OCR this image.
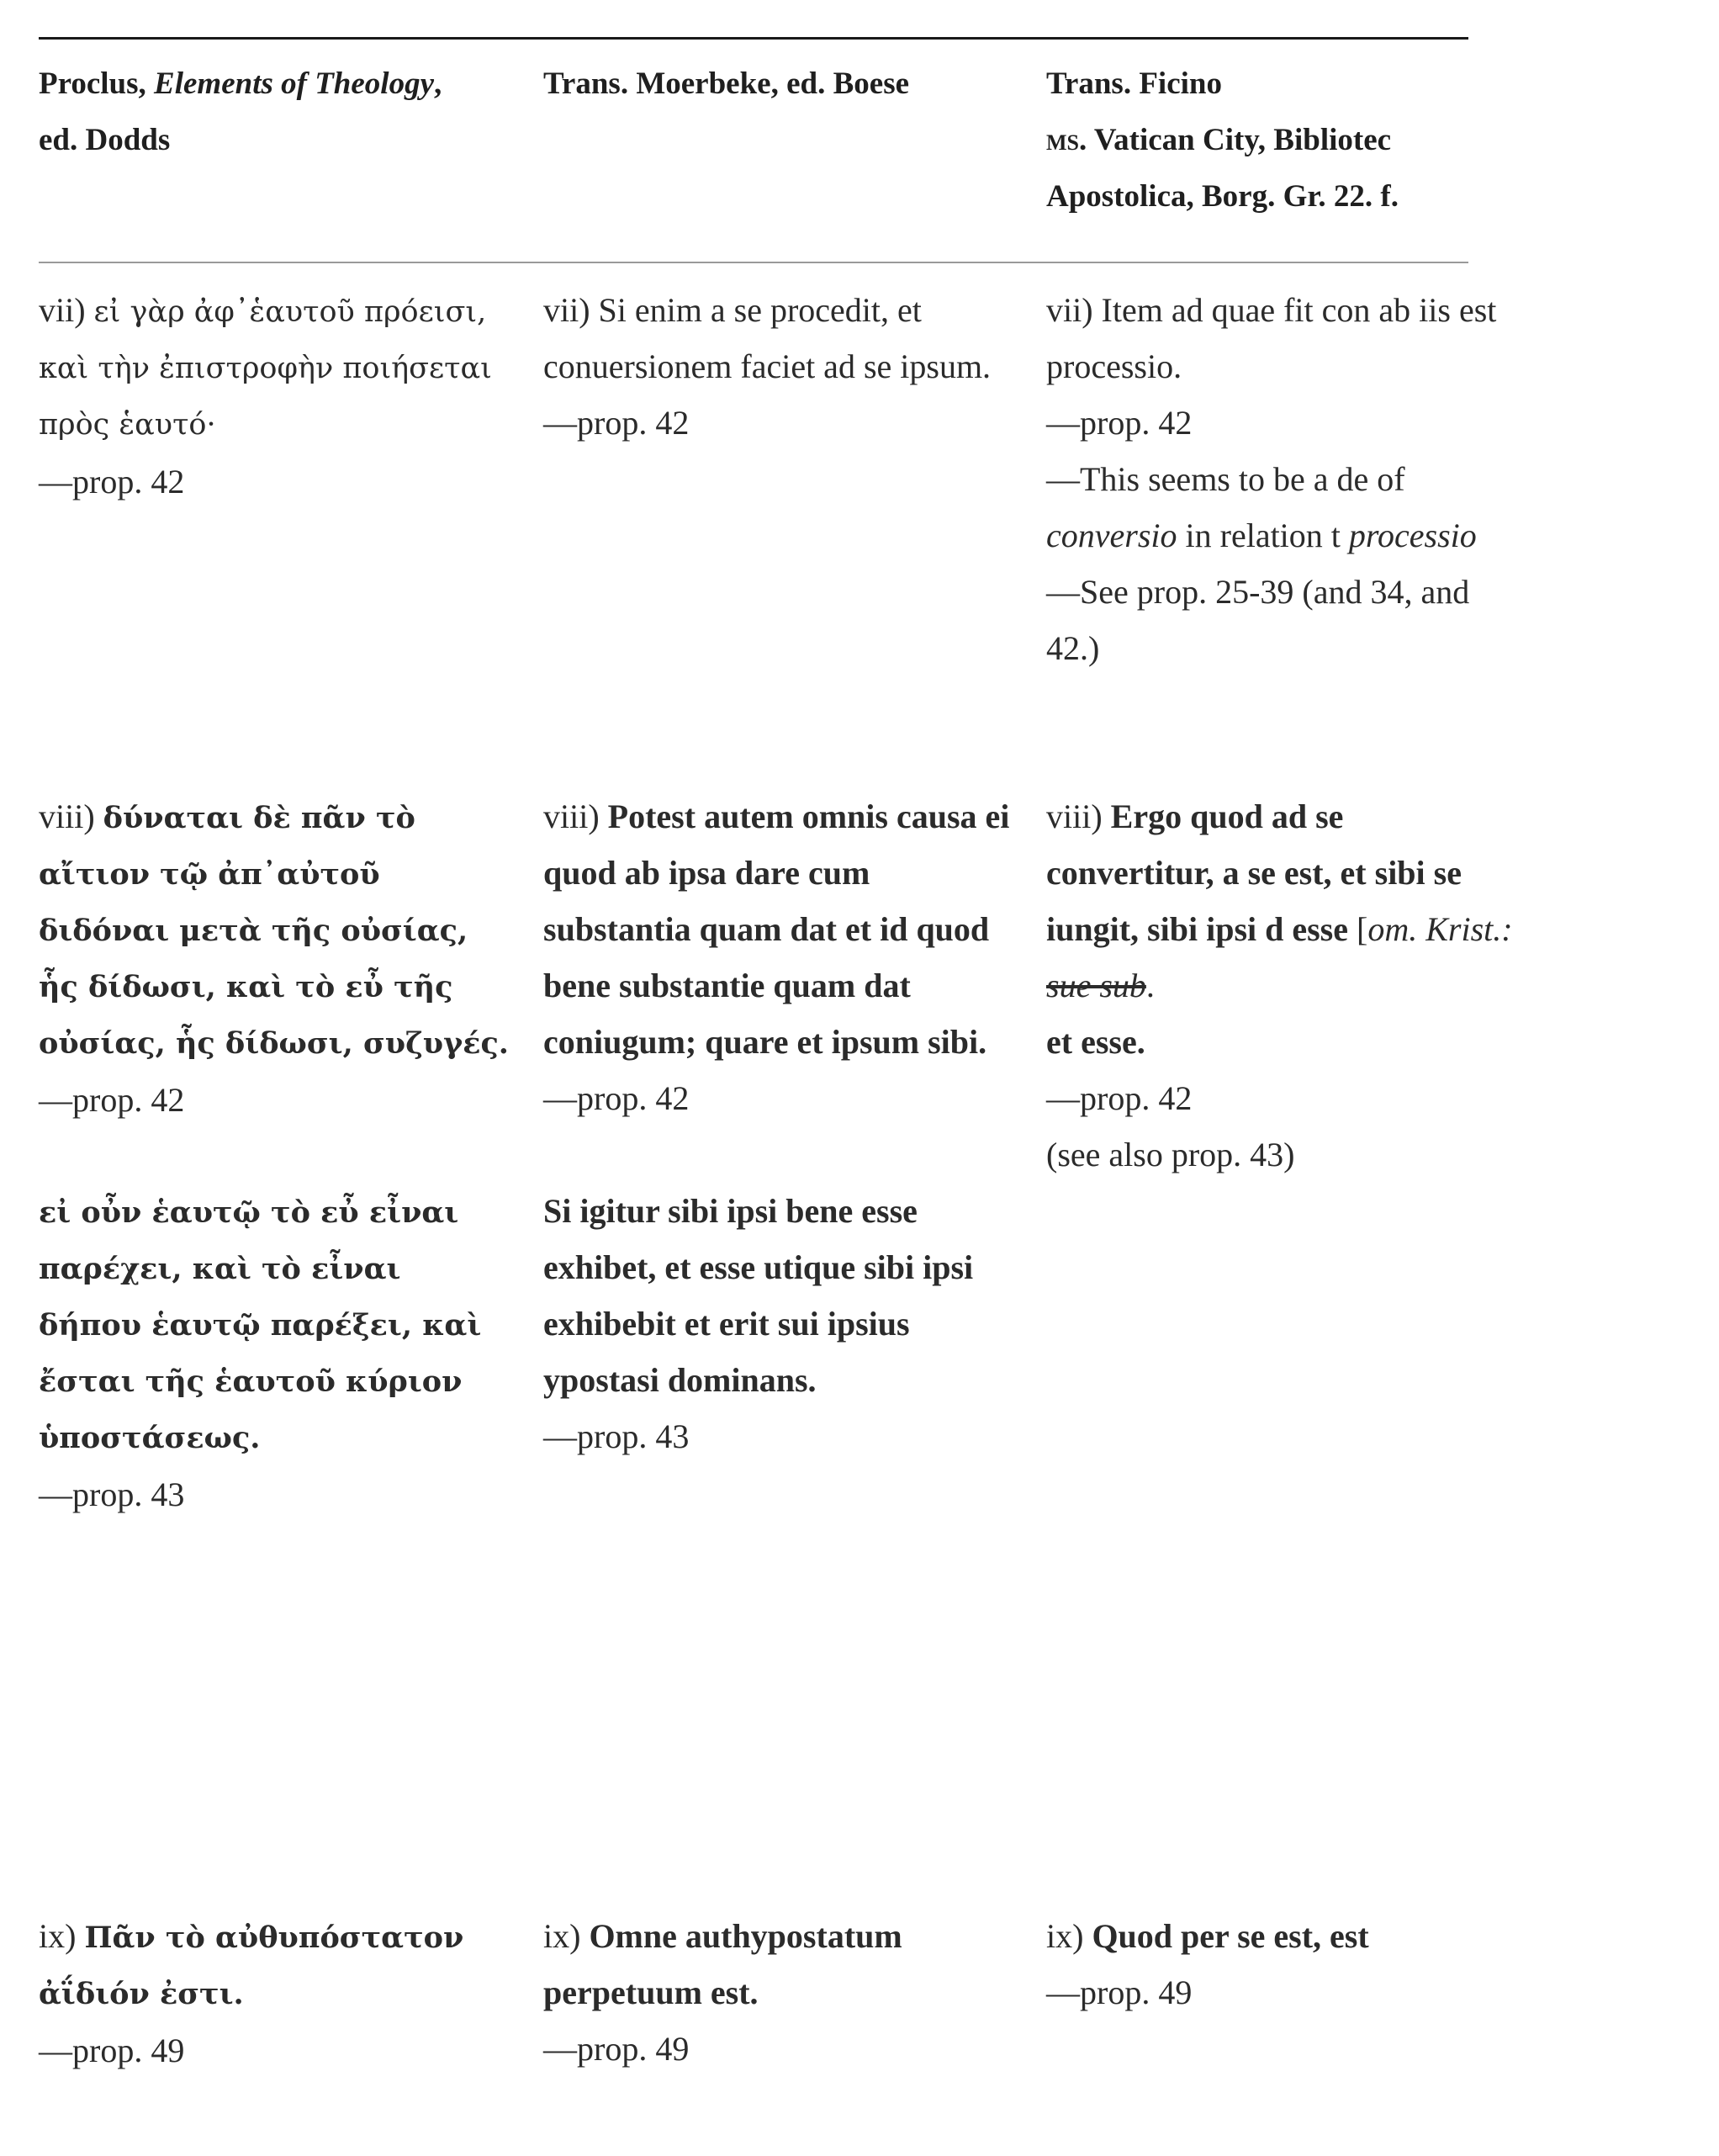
Proclus, Elements of Theology,
ed. Dodds
Trans. Moerbeke, ed. Boese	Trans. Ficino
ms. Vatican City, Bibliotec
Apostolica, Borg. Gr. 22. f.

vii) εἰ γὰρ ἀφ᾽ἑαυτοῦ πρόεισι, καὶ τὴν ἐπιστροφὴν ποιήσεται πρὸς ἑαυτό·

—prop. 42

vii) Si enim a se procedit, et conuersionem faciet ad se ipsum.

—prop. 42

vii) Item ad quae fit con ab iis est processio.

—prop. 42

—This seems to be a de of conversio in relation t processio

—See prop. 25-39 (and 34, and 42.)

viii) δύναται δὲ πᾶν τὸ αἴτιον τῷ ἀπ᾽αὐτοῦ διδόναι μετὰ τῆς οὐσίας, ἧς δίδωσι, καὶ τὸ εὖ τῆς οὐσίας, ἧς δίδωσι, συζυγές.

—prop. 42

εἰ οὖν ἑαυτῷ τὸ εὖ εἶναι παρέχει, καὶ τὸ εἶναι δήπου ἑαυτῷ παρέξει, καὶ ἔσται τῆς ἑαυτοῦ κύριον ὑποστάσεως.

—prop. 43

viii) Potest autem omnis causa ei quod ab ipsa dare cum substantia quam dat et id quod bene substantie quam dat coniugum; quare et ipsum sibi.

—prop. 42

Si igitur sibi ipsi bene esse exhibet, et esse utique sibi ipsi exhibebit et erit sui ipsius ypostasi dominans.

—prop. 43

viii) Ergo quod ad se convertitur, a se est, et sibi se iungit, sibi ipsi d esse [om. Krist.: sue sub.

et esse.

—prop. 42

(see also prop. 43)

ix) Πᾶν τὸ αὐθυπόστατον ἀΐδιόν ἐστι.

—prop. 49

ix) Omne authypostatum perpetuum est.

—prop. 49

ix) Quod per se est, est

—prop. 49
